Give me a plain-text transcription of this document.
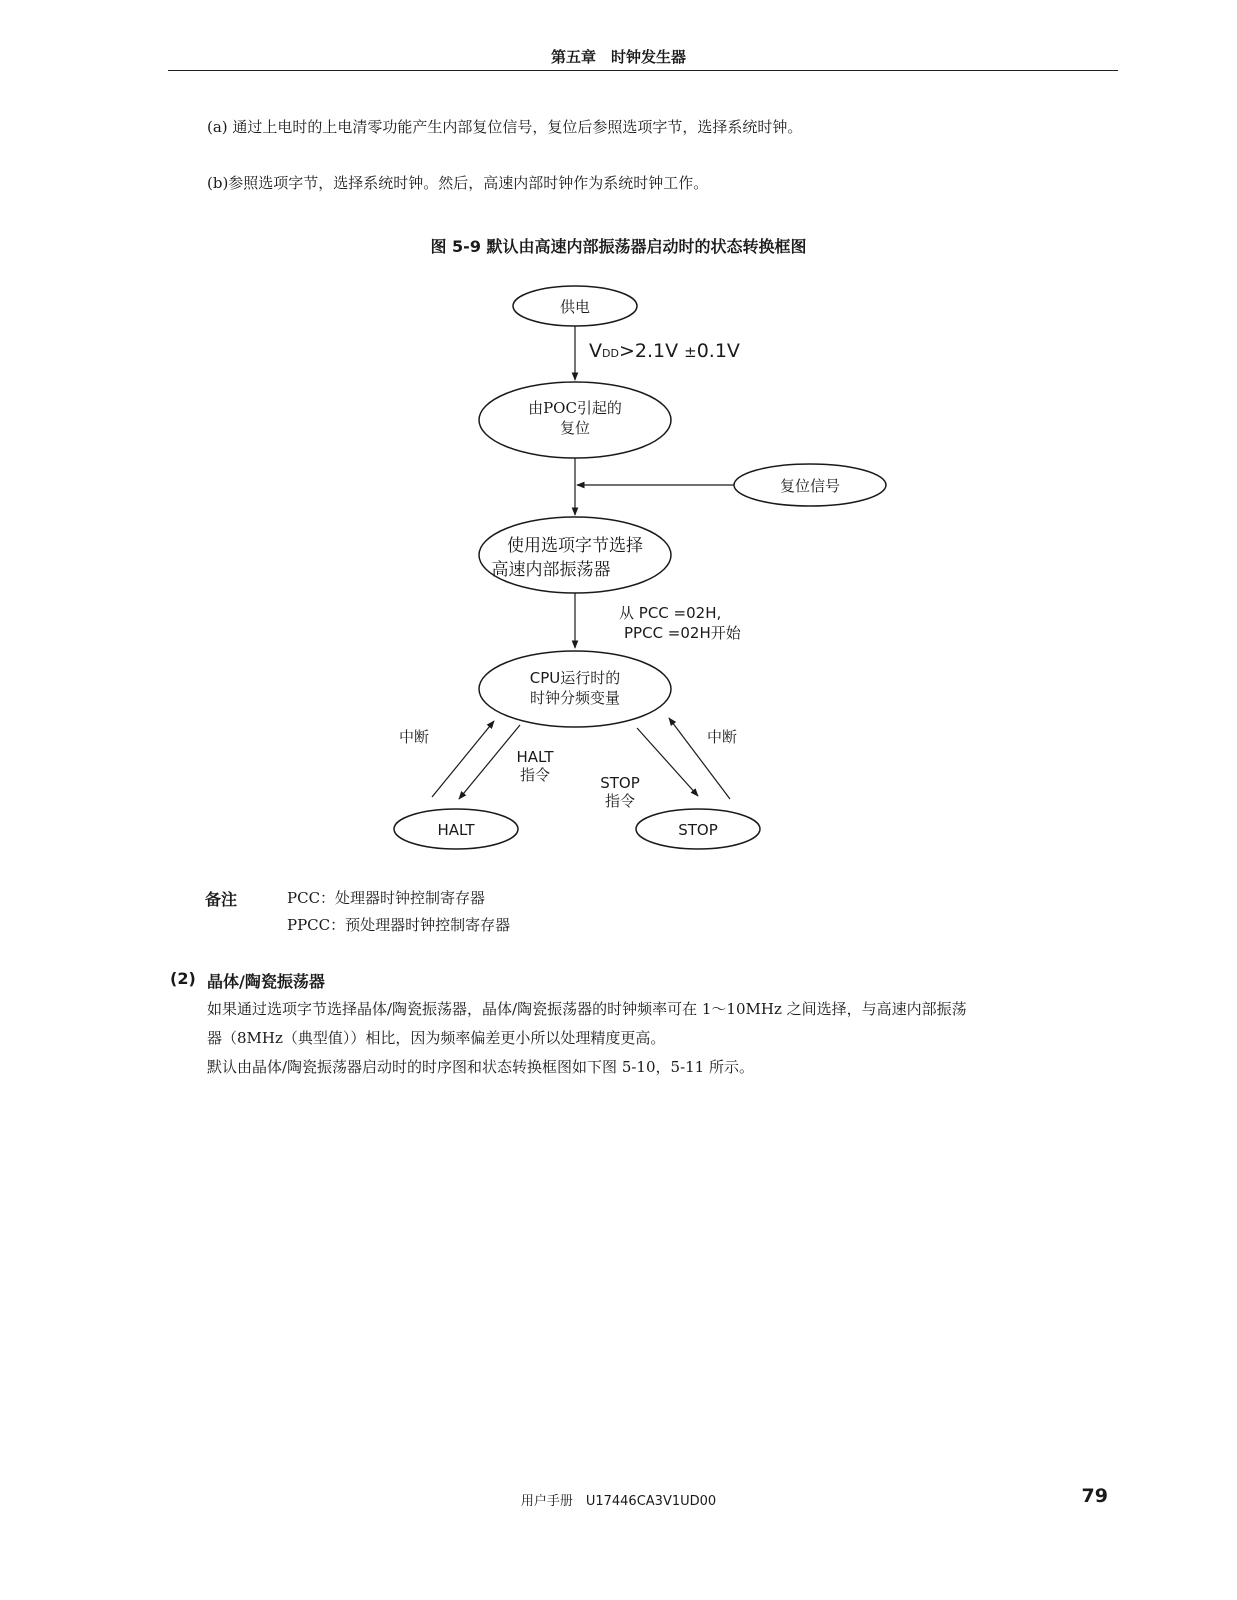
第五章　时钟发生器
(a) 通过上电时的上电清零功能产生内部复位信号，复位后参照选项字节，选择系统时钟。
(b)参照选项字节，选择系统时钟。然后，高速内部时钟作为系统时钟工作。
图 5-9 默认由高速内部振荡器启动时的状态转换框图
供电
VDD>2.1V ±0.1V
由POC引起的
复位
复位信号
使用选项字节选择
高速内部振荡器
从 PCC =02H,
PPCC =02H开始
CPU运行时的
时钟分频变量
中断
HALT
指令
中断
STOP
指令
HALT	STOP
备注	PCC：处理器时钟控制寄存器
PPCC：预处理器时钟控制寄存器
(2) 晶体/陶瓷振荡器
如果通过选项字节选择晶体/陶瓷振荡器，晶体/陶瓷振荡器的时钟频率可在 1～10MHz 之间选择，与高速内部振荡
器（8MHz（典型值））相比，因为频率偏差更小所以处理精度更高。
默认由晶体/陶瓷振荡器启动时的时序图和状态转换框图如下图 5-10，5-11 所示。
用户手册　U17446CA3V1UD00	79
